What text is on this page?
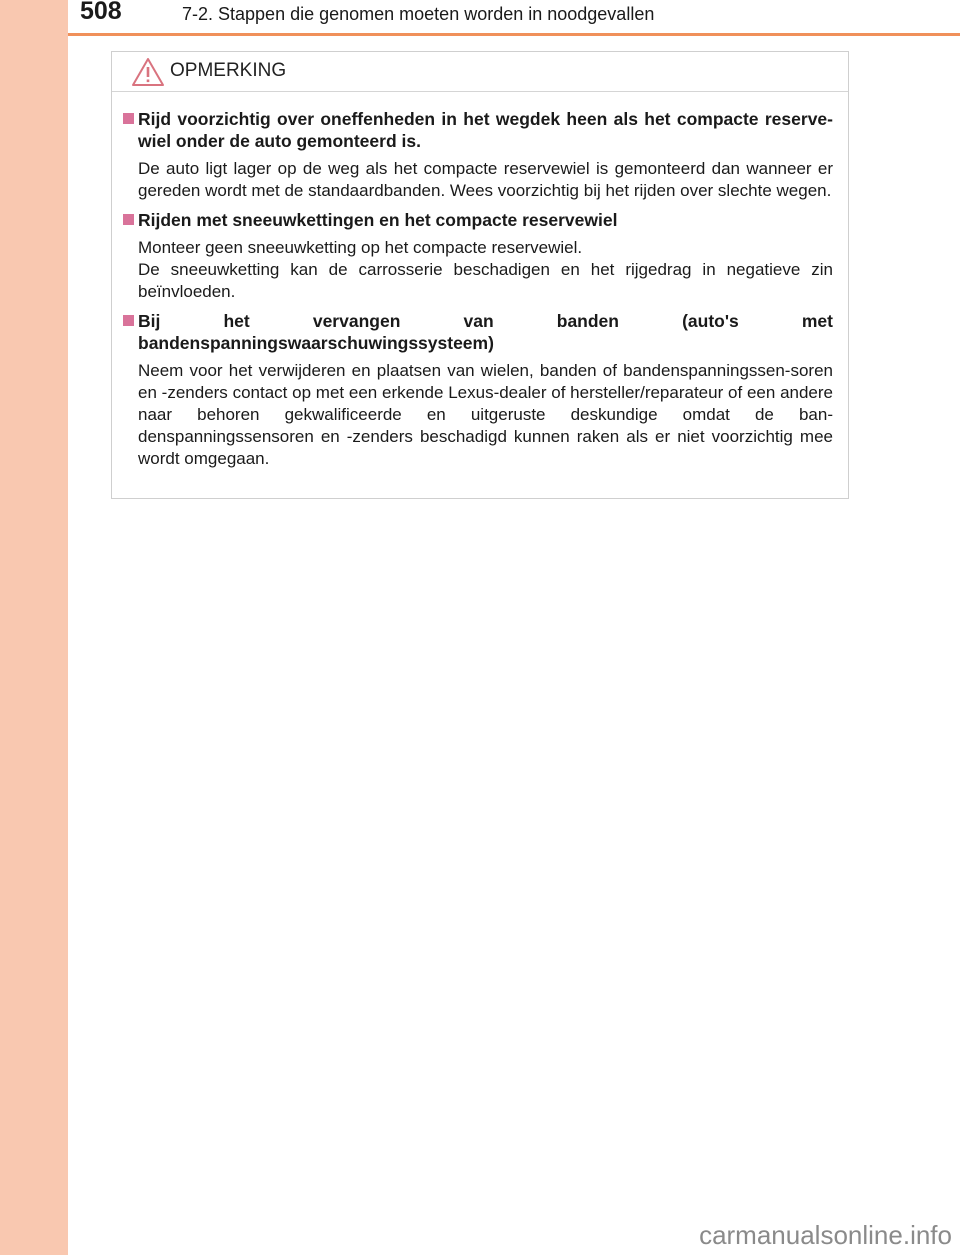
508	7-2. Stappen die genomen moeten worden in noodgevallen
OPMERKING
Rijd voorzichtig over oneffenheden in het wegdek heen als het compacte reserve-wiel onder de auto gemonteerd is.
De auto ligt lager op de weg als het compacte reservewiel is gemonteerd dan wanneer er gereden wordt met de standaardbanden. Wees voorzichtig bij het rijden over slechte wegen.
Rijden met sneeuwkettingen en het compacte reservewiel
Monteer geen sneeuwketting op het compacte reservewiel.
De sneeuwketting kan de carrosserie beschadigen en het rijgedrag in negatieve zin beïnvloeden.
Bij het vervangen van banden (auto's met bandenspanningswaarschuwingssysteem)
Neem voor het verwijderen en plaatsen van wielen, banden of bandenspanningssen-soren en -zenders contact op met een erkende Lexus-dealer of hersteller/reparateur of een andere naar behoren gekwalificeerde en uitgeruste deskundige omdat de ban-denspanningssensoren en -zenders beschadigd kunnen raken als er niet voorzichtig mee wordt omgegaan.
carmanualsonline.info
